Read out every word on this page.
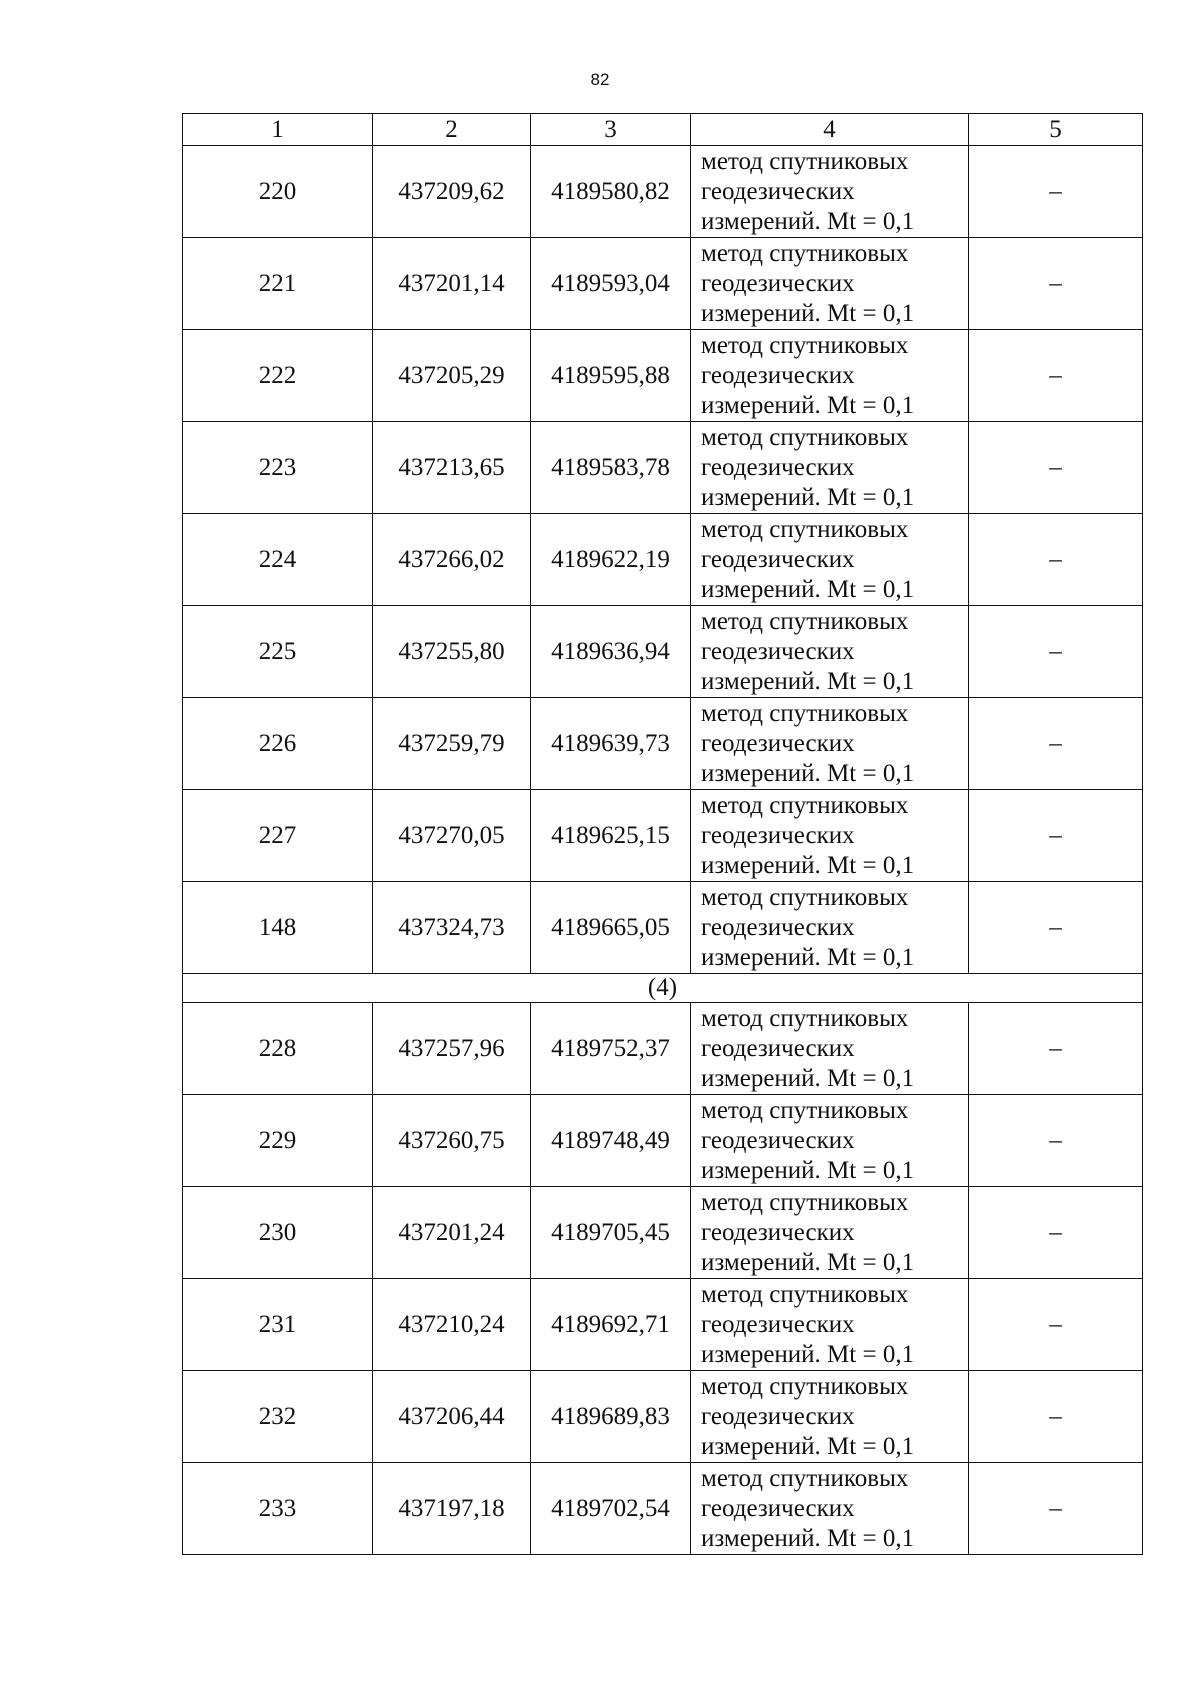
82
1	2	3	4	5
220	437209,62	4189580,82	метод спутниковых
геодезических
измерений. Mt = 0,1	–
221	437201,14	4189593,04	метод спутниковых
геодезических
измерений. Mt = 0,1	–
222	437205,29	4189595,88	метод спутниковых
геодезических
измерений. Mt = 0,1	–
223	437213,65	4189583,78	метод спутниковых
геодезических
измерений. Mt = 0,1	–
224	437266,02	4189622,19	метод спутниковых
геодезических
измерений. Mt = 0,1	–
225	437255,80	4189636,94	метод спутниковых
геодезических
измерений. Mt = 0,1	–
226	437259,79	4189639,73	метод спутниковых
геодезических
измерений. Mt = 0,1	–
227	437270,05	4189625,15	метод спутниковых
геодезических
измерений. Mt = 0,1	–
148	437324,73	4189665,05	метод спутниковых
геодезических
измерений. Mt = 0,1	–
(4)				
228	437257,96	4189752,37	метод спутниковых
геодезических
измерений. Mt = 0,1	–
229	437260,75	4189748,49	метод спутниковых
геодезических
измерений. Mt = 0,1	–
230	437201,24	4189705,45	метод спутниковых
геодезических
измерений. Mt = 0,1	–
231	437210,24	4189692,71	метод спутниковых
геодезических
измерений. Mt = 0,1	–
232	437206,44	4189689,83	метод спутниковых
геодезических
измерений. Mt = 0,1	–
233	437197,18	4189702,54	метод спутниковых
геодезических
измерений. Mt = 0,1	–
